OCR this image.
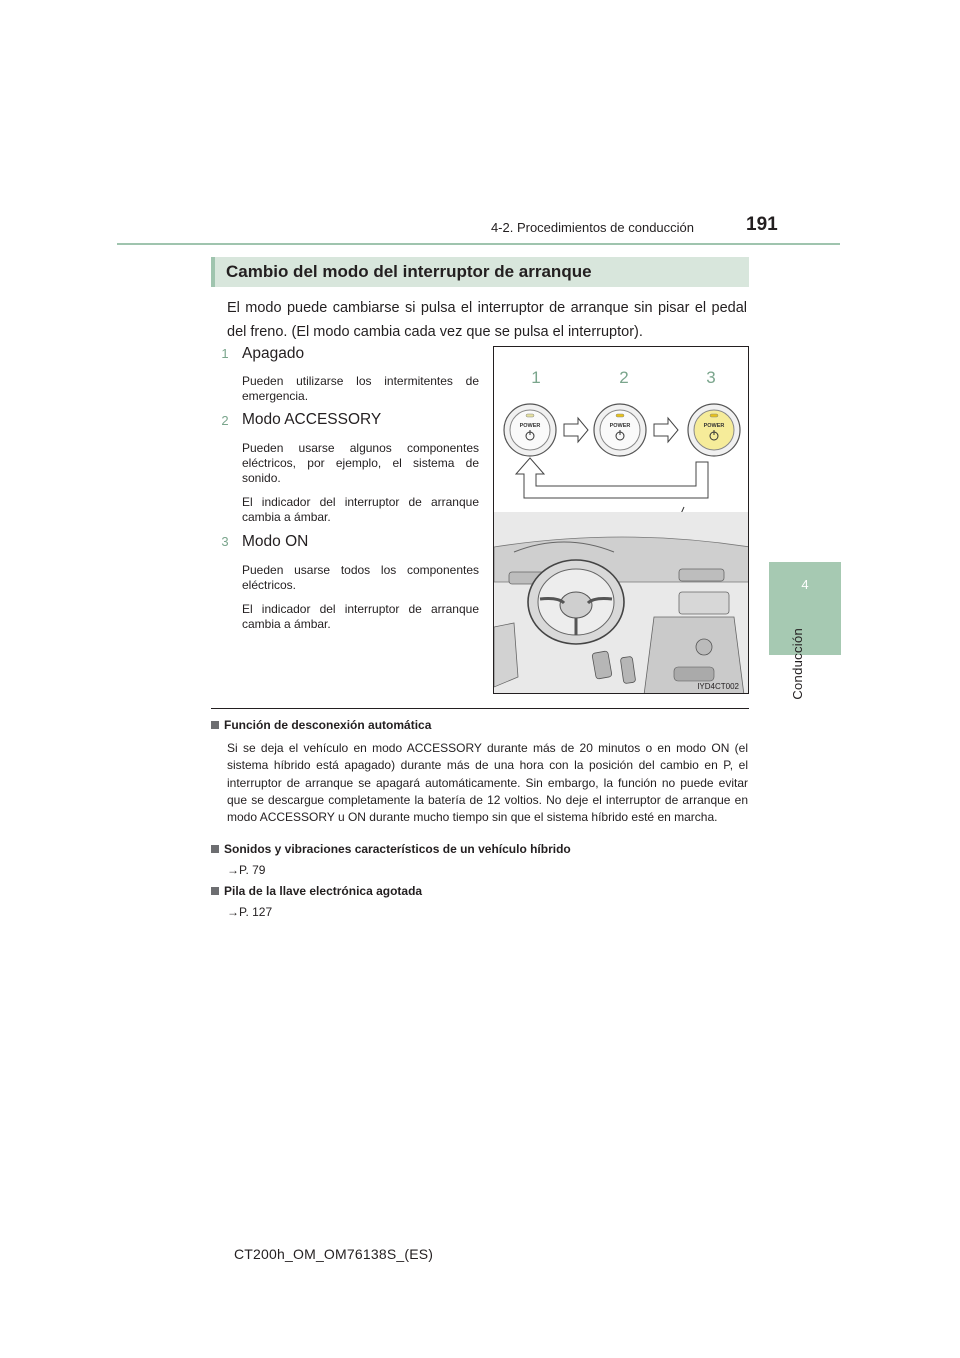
4-2. Procedimientos de conducción	191
4
Conducción
Cambio del modo del interruptor de arranque
El modo puede cambiarse si pulsa el interruptor de arranque sin pisar el pedal del freno. (El modo cambia cada vez que se pulsa el interruptor).
1 Apagado
Pueden utilizarse los intermitentes de emergencia.
2 Modo ACCESSORY
Pueden usarse algunos componentes eléctricos, por ejemplo, el sistema de sonido.
El indicador del interruptor de arranque cambia a ámbar.
3 Modo ON
Pueden usarse todos los componentes eléctricos.
El indicador del interruptor de arranque cambia a ámbar.
1	2	3
POWER	POWER	POWER
IYD4CT002
Función de desconexión automática
Si se deja el vehículo en modo ACCESSORY durante más de 20 minutos o en modo ON (el sistema híbrido está apagado) durante más de una hora con la posición del cambio en P, el interruptor de arranque se apagará automáticamente. Sin embargo, la función no puede evitar que se descargue completamente la batería de 12 voltios. No deje el interruptor de arranque en modo ACCESSORY u ON durante mucho tiempo sin que el sistema híbrido esté en marcha.
Sonidos y vibraciones característicos de un vehículo híbrido
→P. 79
Pila de la llave electrónica agotada
→P. 127
CT200h_OM_OM76138S_(ES)
